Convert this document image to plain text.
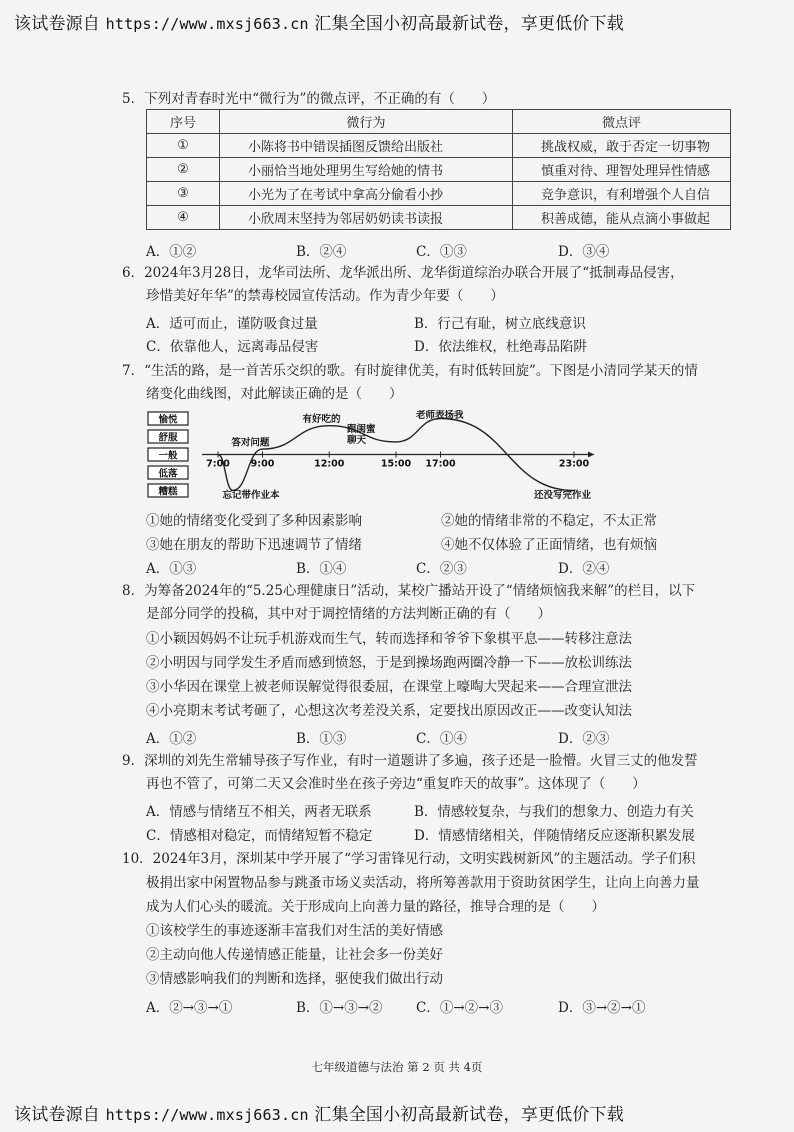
该试卷源自 https://www.mxsj663.cn 汇集全国小初高最新试卷，享更低价下载
5．下列对青春时光中“微行为”的微点评，不正确的有（　　）
序号	微行为	微点评
①	小陈将书中错误插图反馈给出版社	挑战权威，敢于否定一切事物
②	小丽恰当地处理男生写给她的情书	慎重对待、理智处理异性情感
③	小光为了在考试中拿高分偷看小抄	竞争意识，有利增强个人自信
④	小欣周末坚持为邻居奶奶读书读报	积善成德，能从点滴小事做起
A．①②	B．②④	C．①③	D．③④
6．2024年3月28日，龙华司法所、龙华派出所、龙华街道综治办联合开展了“抵制毒品侵害，
珍惜美好年华”的禁毒校园宣传活动。作为青少年要（　　）
A．适可而止，谨防吸食过量	B．行己有耻，树立底线意识
C．依靠他人，远离毒品侵害	D．依法维权，杜绝毒品陷阱
7．“生活的路，是一首苦乐交织的歌。有时旋律优美，有时低转回旋”。下图是小清同学某天的情
绪变化曲线图，对此解读正确的是（　　）
愉悦
舒服
一般
低落
糟糕
7:00 9:00	12:00	15:00 17:00	23:00
忘记带作业本
答对问题
有好吃的
跟闺蜜
聊天
老师表扬我
还没写完作业
①她的情绪变化受到了多种因素影响	②她的情绪非常的不稳定，不太正常
③她在朋友的帮助下迅速调节了情绪	④她不仅体验了正面情绪，也有烦恼
A．①③	B．①④	C．②③	D．②④
8．为筹备2024年的“5.25心理健康日”活动，某校广播站开设了“情绪烦恼我来解”的栏目，以下
是部分同学的投稿，其中对于调控情绪的方法判断正确的有（　　）
①小颖因妈妈不让玩手机游戏而生气，转而选择和爷爷下象棋平息——转移注意法
②小明因与同学发生矛盾而感到愤怒，于是到操场跑两圈冷静一下——放松训练法
③小华因在课堂上被老师误解觉得很委屈，在课堂上嚎啕大哭起来——合理宣泄法
④小亮期末考试考砸了，心想这次考差没关系，定要找出原因改正——改变认知法
A．①②	B．①③	C．①④	D．②③
9．深圳的刘先生常辅导孩子写作业，有时一道题讲了多遍，孩子还是一脸懵。火冒三丈的他发誓
再也不管了，可第二天又会准时坐在孩子旁边“重复昨天的故事”。这体现了（　　）
A．情感与情绪互不相关，两者无联系	B．情感较复杂，与我们的想象力、创造力有关
C．情感相对稳定，而情绪短暂不稳定	D．情感情绪相关，伴随情绪反应逐渐积累发展
10．2024年3月，深圳某中学开展了“学习雷锋见行动，文明实践树新风”的主题活动。学子们积
极捐出家中闲置物品参与跳蚤市场义卖活动，将所筹善款用于资助贫困学生，让向上向善力量
成为人们心头的暖流。关于形成向上向善力量的路径，推导合理的是（　　）
①该校学生的事迹逐渐丰富我们对生活的美好情感
②主动向他人传递情感正能量，让社会多一份美好
③情感影响我们的判断和选择，驱使我们做出行动
A．②→③→①	B．①→③→② C．①→②→③	D．③→②→①
七年级道德与法治 第 2 页 共 4页
该试卷源自 https://www.mxsj663.cn 汇集全国小初高最新试卷，享更低价下载
